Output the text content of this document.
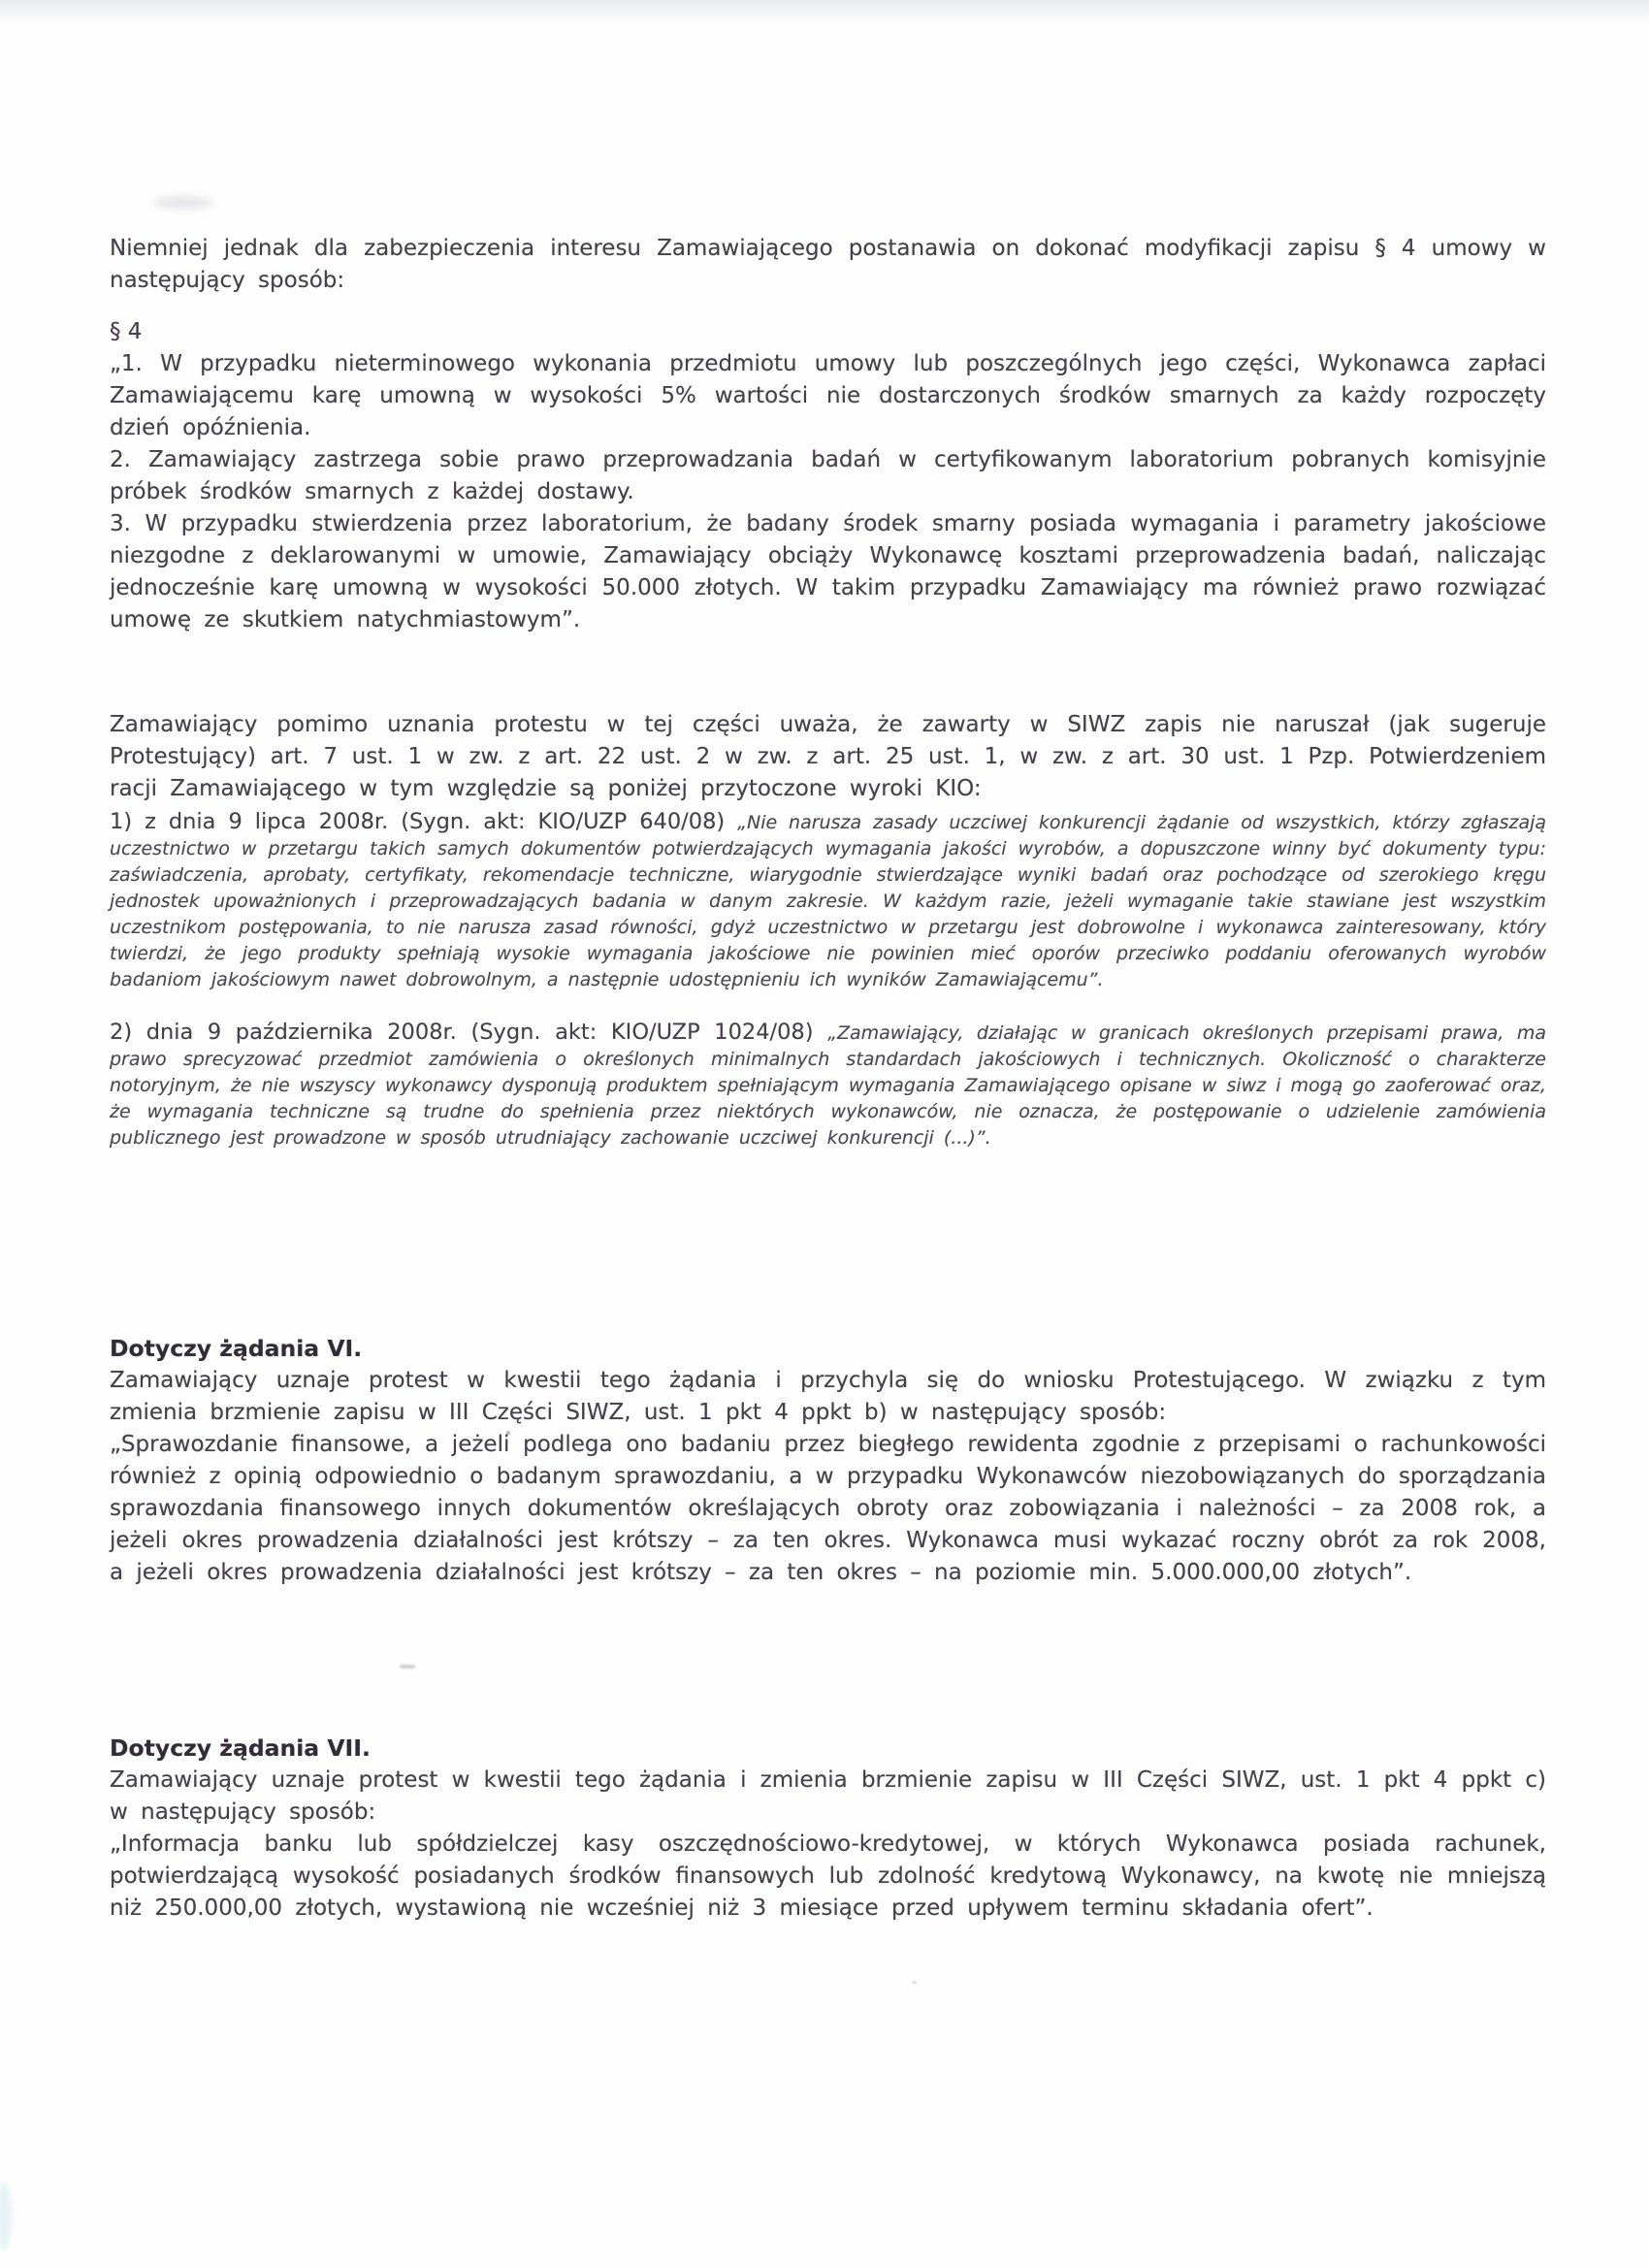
Niemniej jednak dla zabezpieczenia interesu Zamawiającego postanawia on dokonać modyfikacji zapisu § 4 umowy w następujący sposób:

§ 4

„1. W przypadku nieterminowego wykonania przedmiotu umowy lub poszczególnych jego części, Wykonawca zapłaci Zamawiającemu karę umowną w wysokości 5% wartości nie dostarczonych środków smarnych za każdy rozpoczęty dzień opóźnienia.

2. Zamawiający zastrzega sobie prawo przeprowadzania badań w certyfikowanym laboratorium pobranych komisyjnie próbek środków smarnych z każdej dostawy.

3. W przypadku stwierdzenia przez laboratorium, że badany środek smarny posiada wymagania i parametry jakościowe niezgodne z deklarowanymi w umowie, Zamawiający obciąży Wykonawcę kosztami przeprowadzenia badań, naliczając jednocześnie karę umowną w wysokości 50.000 złotych. W takim przypadku Zamawiający ma również prawo rozwiązać umowę ze skutkiem natychmiastowym”.

Zamawiający pomimo uznania protestu w tej części uważa, że zawarty w SIWZ zapis nie naruszał (jak sugeruje Protestujący) art. 7 ust. 1 w zw. z art. 22 ust. 2 w zw. z art. 25 ust. 1, w zw. z art. 30 ust. 1 Pzp. Potwierdzeniem racji Zamawiającego w tym względzie są poniżej przytoczone wyroki KIO:

1) z dnia 9 lipca 2008r. (Sygn. akt: KIO/UZP 640/08) „Nie narusza zasady uczciwej konkurencji żądanie od wszystkich, którzy zgłaszają uczestnictwo w przetargu takich samych dokumentów potwierdzających wymagania jakości wyrobów, a dopuszczone winny być dokumenty typu: zaświadczenia, aprobaty, certyfikaty, rekomendacje techniczne, wiarygodnie stwierdzające wyniki badań oraz pochodzące od szerokiego kręgu jednostek upoważnionych i przeprowadzających badania w danym zakresie. W każdym razie, jeżeli wymaganie takie stawiane jest wszystkim uczestnikom postępowania, to nie narusza zasad równości, gdyż uczestnictwo w przetargu jest dobrowolne i wykonawca zainteresowany, który twierdzi, że jego produkty spełniają wysokie wymagania jakościowe nie powinien mieć oporów przeciwko poddaniu oferowanych wyrobów badaniom jakościowym nawet dobrowolnym, a następnie udostępnieniu ich wyników Zamawiającemu”.

2) dnia 9 października 2008r. (Sygn. akt: KIO/UZP 1024/08) „Zamawiający, działając w granicach określonych przepisami prawa, ma prawo sprecyzować przedmiot zamówienia o określonych minimalnych standardach jakościowych i technicznych. Okoliczność o charakterze notoryjnym, że nie wszyscy wykonawcy dysponują produktem spełniającym wymagania Zamawiającego opisane w siwz i mogą go zaoferować oraz, że wymagania techniczne są trudne do spełnienia przez niektórych wykonawców, nie oznacza, że postępowanie o udzielenie zamówienia publicznego jest prowadzone w sposób utrudniający zachowanie uczciwej konkurencji (...)”.

Dotyczy żądania VI.

Zamawiający uznaje protest w kwestii tego żądania i przychyla się do wniosku Protestującego. W związku z tym zmienia brzmienie zapisu w III Części SIWZ, ust. 1 pkt 4 ppkt b) w następujący sposób:

„Sprawozdanie finansowe, a jeżeli podlega ono badaniu przez biegłego rewidenta zgodnie z przepisami o rachunkowości również z opinią odpowiednio o badanym sprawozdaniu, a w przypadku Wykonawców niezobowiązanych do sporządzania sprawozdania finansowego innych dokumentów określających obroty oraz zobowiązania i należności – za 2008 rok, a jeżeli okres prowadzenia działalności jest krótszy – za ten okres. Wykonawca musi wykazać roczny obrót za rok 2008, a jeżeli okres prowadzenia działalności jest krótszy – za ten okres – na poziomie min. 5.000.000,00 złotych”.

Dotyczy żądania VII.

Zamawiający uznaje protest w kwestii tego żądania i zmienia brzmienie zapisu w III Części SIWZ, ust. 1 pkt 4 ppkt c) w następujący sposób:

„Informacja banku lub spółdzielczej kasy oszczędnościowo-kredytowej, w których Wykonawca posiada rachunek, potwierdzającą wysokość posiadanych środków finansowych lub zdolność kredytową Wykonawcy, na kwotę nie mniejszą niż 250.000,00 złotych, wystawioną nie wcześniej niż 3 miesiące przed upływem terminu składania ofert”.
